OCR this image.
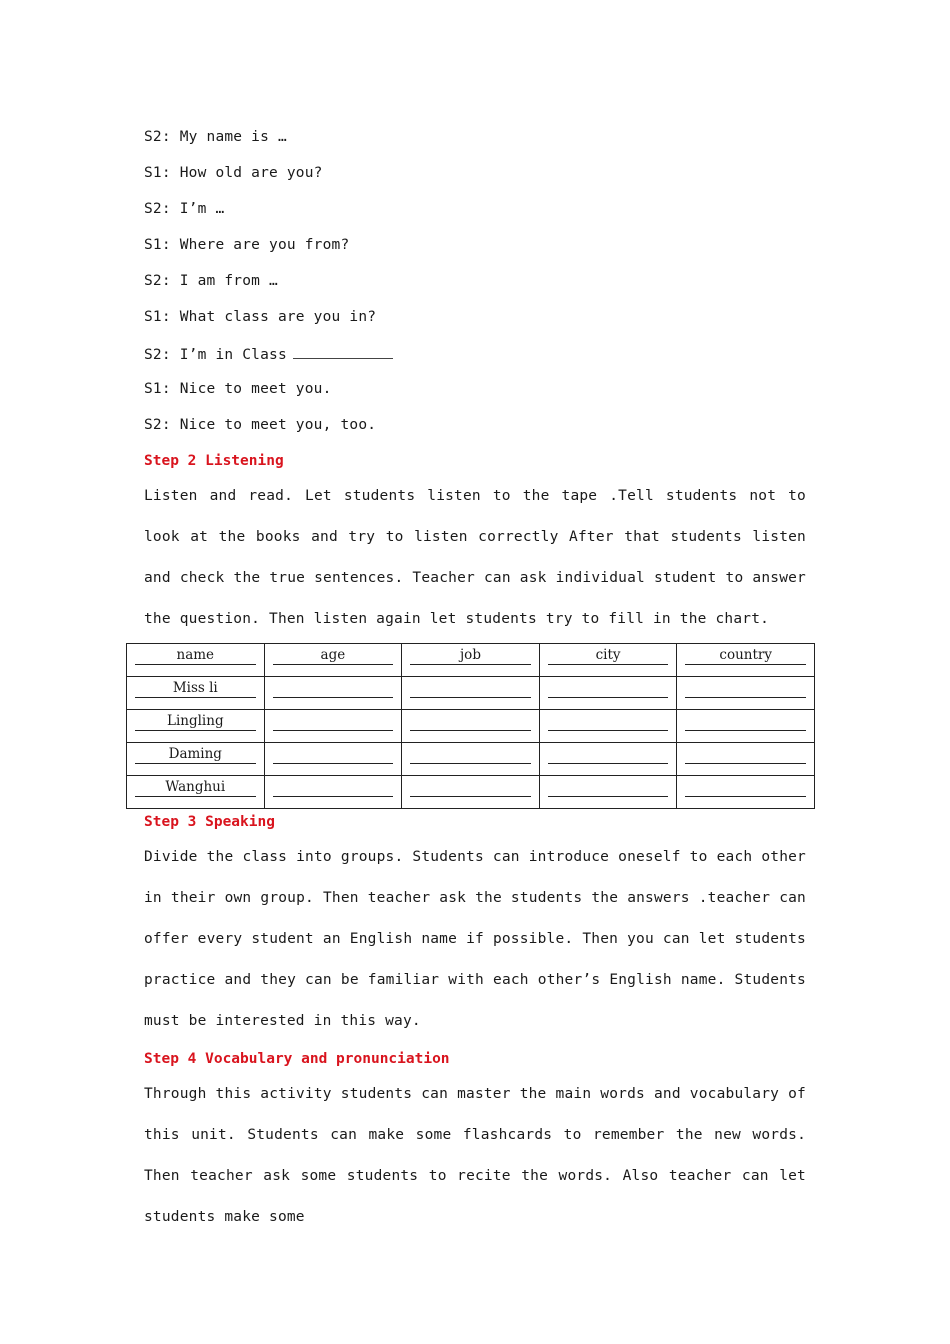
S2: My name is …
S1: How old are you?
S2: I’m …
S1: Where are you from?
S2: I am from …
S1: What class are you in?
S2: I’m in Class
S1: Nice to meet you.
S2: Nice to meet you, too.
Step 2 Listening
Listen and read. Let students listen to the tape .Tell students not to look at the books and try to listen correctly After that students listen and check the true sentences. Teacher can ask individual student to answer the question. Then listen again let students try to fill in the chart.
name	age	job	city	country

Miss li				

Lingling				

Daming				

Wanghui				

Step 3 Speaking
Divide the class into groups. Students can introduce oneself to each other in their own group. Then teacher ask the students the answers .teacher can offer every student an English name if possible. Then you can let students practice and they can be familiar with each other’s English name. Students must be interested in this way.
Step 4 Vocabulary and pronunciation
Through this activity students can master the main words and vocabulary of this unit. Students can make some flashcards to remember the new words. Then teacher ask some students to recite the words. Also teacher can let students make some
